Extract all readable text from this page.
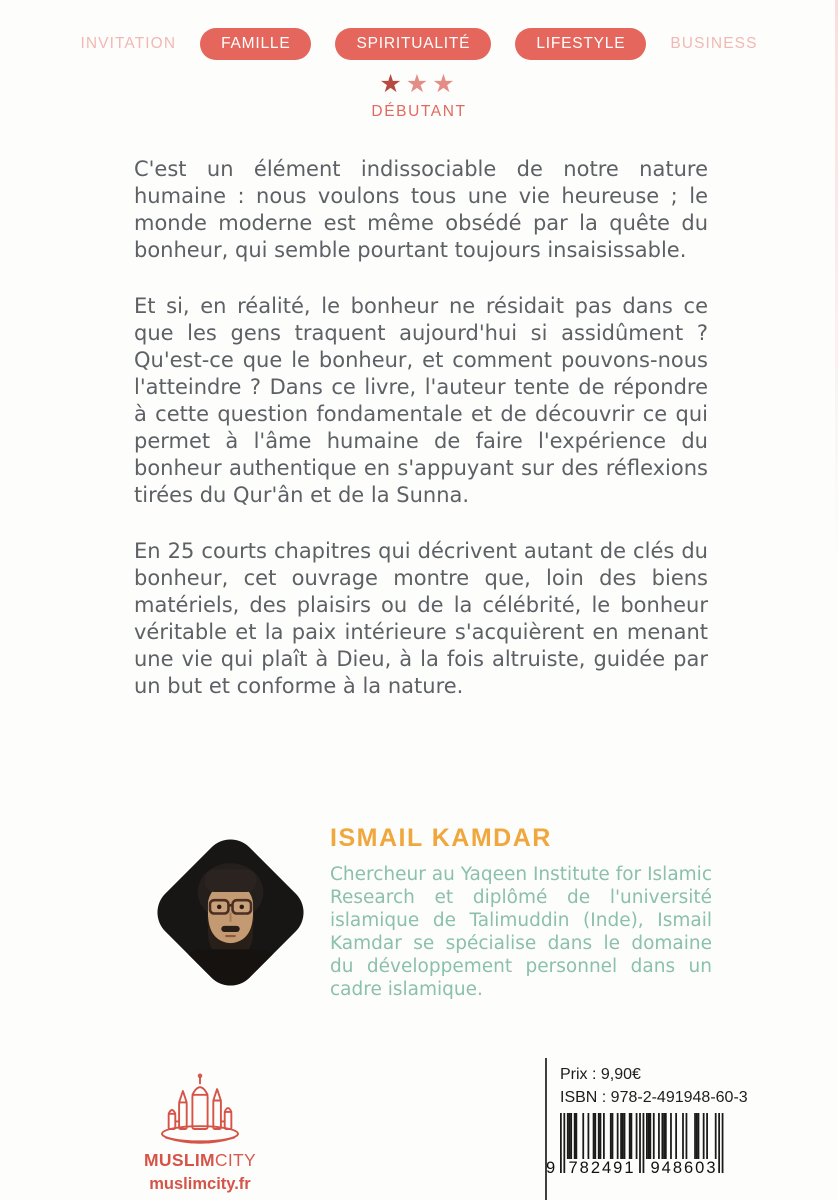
INVITATION	FAMILLE	SPIRITUALITÉ	LIFESTYLE	BUSINESS
★★★
DÉBUTANT

C'est un élément indissociable de notre nature humaine : nous voulons tous une vie heureuse ; le monde moderne est même obsédé par la quête du bonheur, qui semble pourtant toujours insaisissable.

Et si, en réalité, le bonheur ne résidait pas dans ce que les gens traquent aujourd'hui si assidûment ? Qu'est-ce que le bonheur, et comment pouvons-nous l'atteindre ? Dans ce livre, l'auteur tente de répondre à cette question fondamentale et de découvrir ce qui permet à l'âme humaine de faire l'expérience du bonheur authentique en s'appuyant sur des réflexions tirées du Qur'ân et de la Sunna.

En 25 courts chapitres qui décrivent autant de clés du bonheur, cet ouvrage montre que, loin des biens matériels, des plaisirs ou de la célébrité, le bonheur véritable et la paix intérieure s'acquièrent en menant une vie qui plaît à Dieu, à la fois altruiste, guidée par un but et conforme à la nature.

ISMAIL KAMDAR
Chercheur au Yaqeen Institute for Islamic Research et diplômé de l'université islamique de Talimuddin (Inde), Ismail Kamdar se spécialise dans le domaine du développement personnel dans un cadre islamique.
MUSLIMCITY
muslimcity.fr
Prix : 9,90€
ISBN : 978-2-491948-60-3
9 782491 948603
